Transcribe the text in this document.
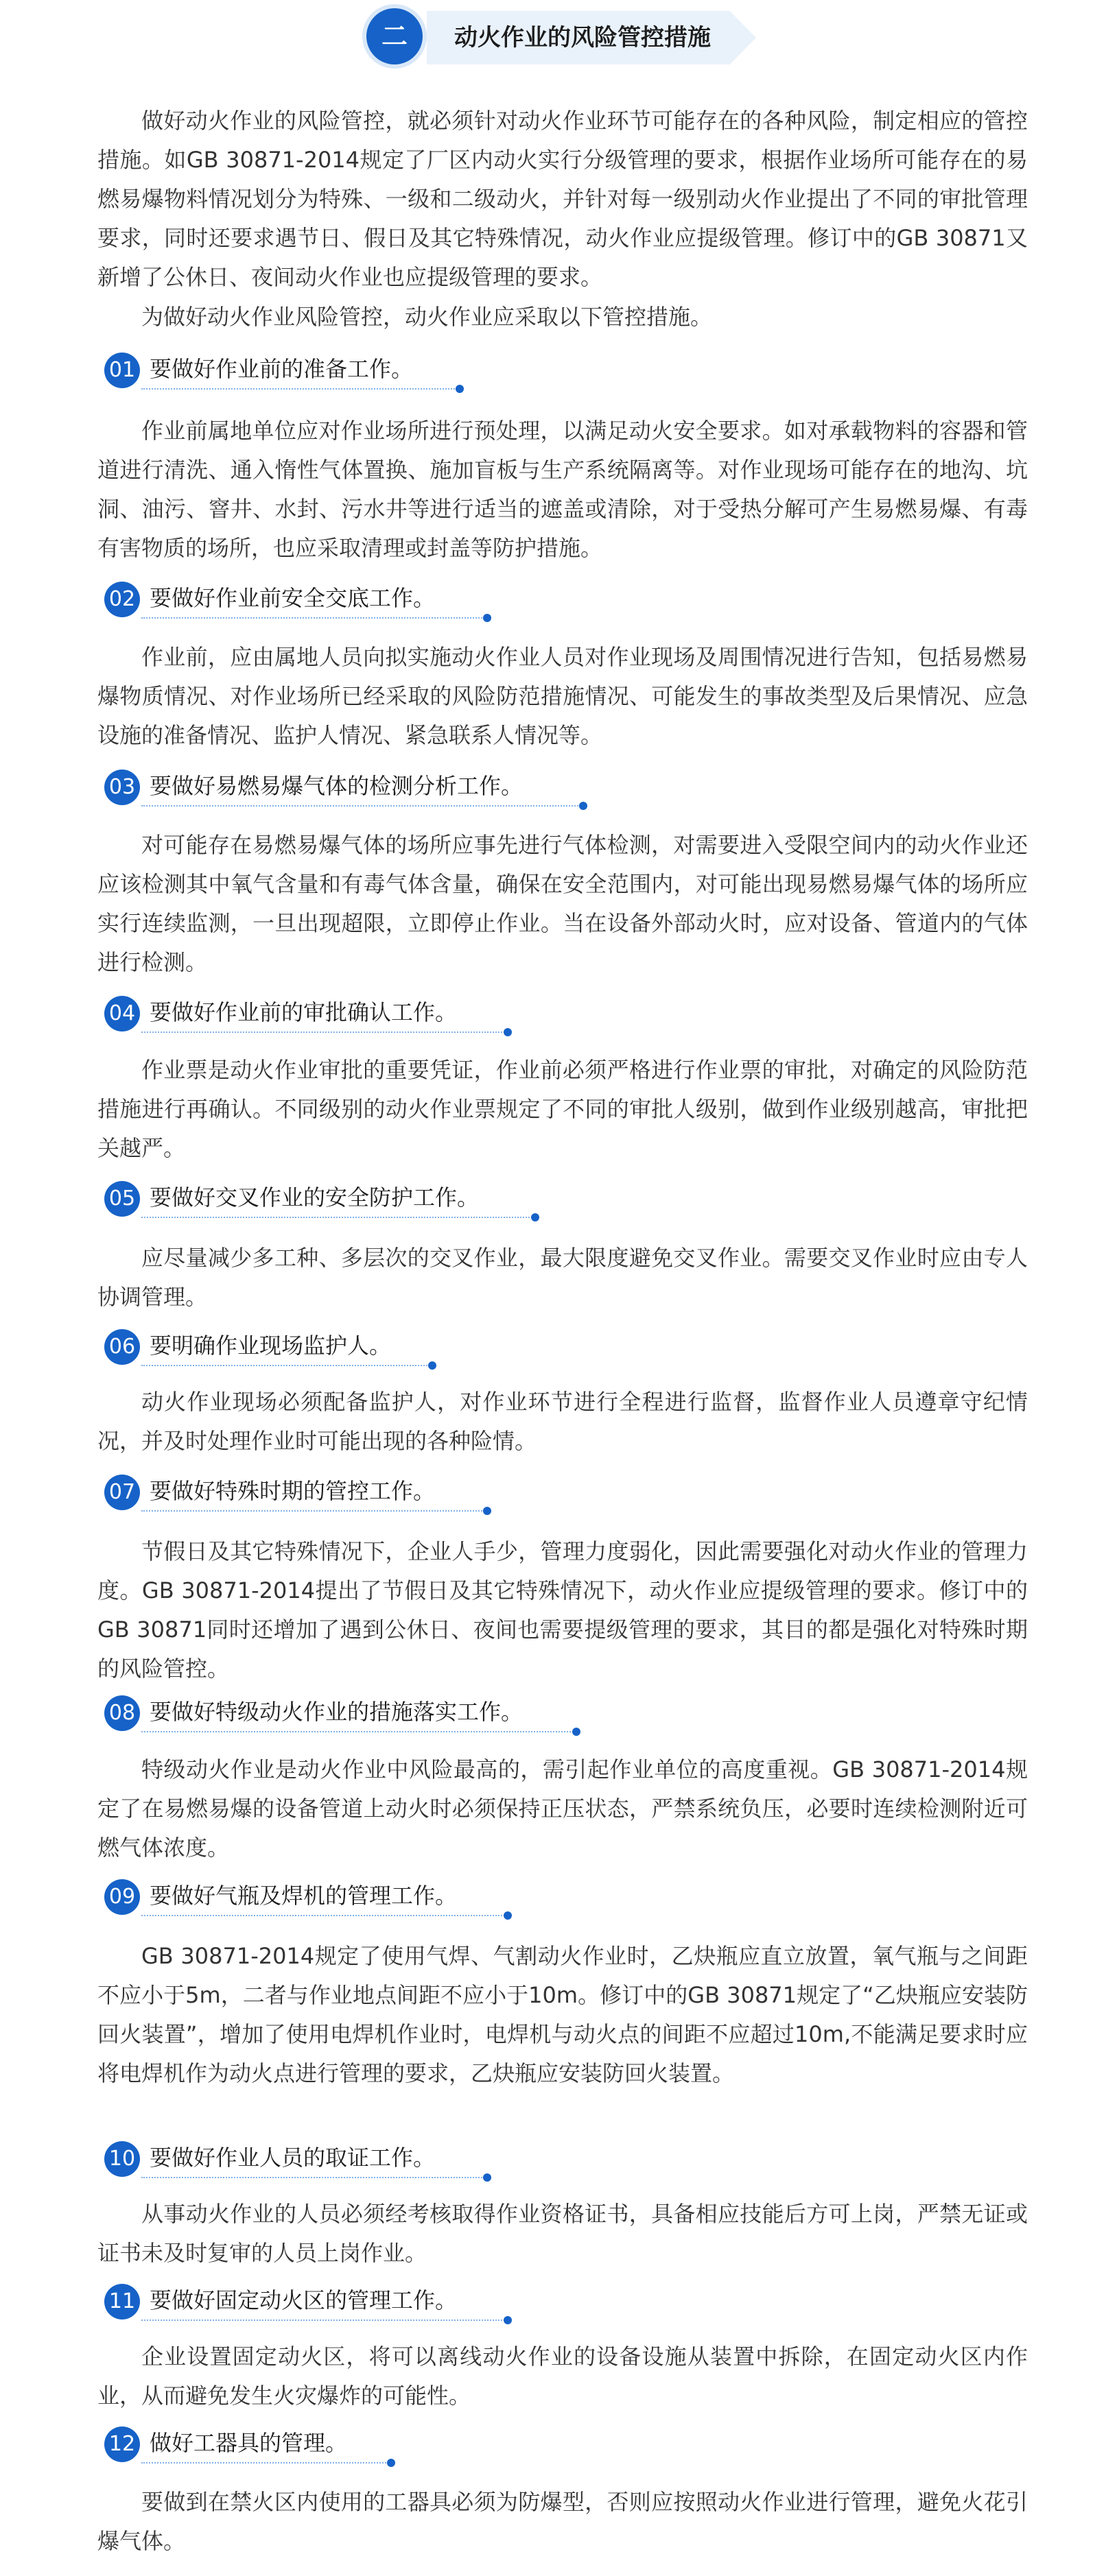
二	动火作业的风险管控措施
做好动火作业的风险管控，就必须针对动火作业环节可能存在的各种风险，制定相应的管控措施。如GB 30871-2014规定了厂区内动火实行分级管理的要求，根据作业场所可能存在的易燃易爆物料情况划分为特殊、一级和二级动火，并针对每一级别动火作业提出了不同的审批管理要求，同时还要求遇节日、假日及其它特殊情况，动火作业应提级管理。修订中的GB 30871又新增了公休日、夜间动火作业也应提级管理的要求。
为做好动火作业风险管控，动火作业应采取以下管控措施。
01 要做好作业前的准备工作。
作业前属地单位应对作业场所进行预处理，以满足动火安全要求。如对承载物料的容器和管道进行清洗、通入惰性气体置换、施加盲板与生产系统隔离等。对作业现场可能存在的地沟、坑洞、油污、窨井、水封、污水井等进行适当的遮盖或清除，对于受热分解可产生易燃易爆、有毒有害物质的场所，也应采取清理或封盖等防护措施。
02 要做好作业前安全交底工作。
作业前，应由属地人员向拟实施动火作业人员对作业现场及周围情况进行告知，包括易燃易爆物质情况、对作业场所已经采取的风险防范措施情况、可能发生的事故类型及后果情况、应急设施的准备情况、监护人情况、紧急联系人情况等。
03 要做好易燃易爆气体的检测分析工作。
对可能存在易燃易爆气体的场所应事先进行气体检测，对需要进入受限空间内的动火作业还应该检测其中氧气含量和有毒气体含量，确保在安全范围内，对可能出现易燃易爆气体的场所应实行连续监测，一旦出现超限，立即停止作业。当在设备外部动火时，应对设备、管道内的气体进行检测。
04 要做好作业前的审批确认工作。
作业票是动火作业审批的重要凭证，作业前必须严格进行作业票的审批，对确定的风险防范措施进行再确认。不同级别的动火作业票规定了不同的审批人级别，做到作业级别越高，审批把关越严。
05 要做好交叉作业的安全防护工作。
应尽量减少多工种、多层次的交叉作业，最大限度避免交叉作业。需要交叉作业时应由专人协调管理。
06 要明确作业现场监护人。
动火作业现场必须配备监护人，对作业环节进行全程进行监督，监督作业人员遵章守纪情况，并及时处理作业时可能出现的各种险情。
07 要做好特殊时期的管控工作。
节假日及其它特殊情况下，企业人手少，管理力度弱化，因此需要强化对动火作业的管理力度。GB 30871-2014提出了节假日及其它特殊情况下，动火作业应提级管理的要求。修订中的GB 30871同时还增加了遇到公休日、夜间也需要提级管理的要求，其目的都是强化对特殊时期的风险管控。
08 要做好特级动火作业的措施落实工作。
特级动火作业是动火作业中风险最高的，需引起作业单位的高度重视。GB 30871-2014规定了在易燃易爆的设备管道上动火时必须保持正压状态，严禁系统负压，必要时连续检测附近可燃气体浓度。
09 要做好气瓶及焊机的管理工作。
GB 30871-2014规定了使用气焊、气割动火作业时，乙炔瓶应直立放置，氧气瓶与之间距不应小于5m，二者与作业地点间距不应小于10m。修订中的GB 30871规定了“乙炔瓶应安装防回火装置”，增加了使用电焊机作业时，电焊机与动火点的间距不应超过10m,不能满足要求时应将电焊机作为动火点进行管理的要求，乙炔瓶应安装防回火装置。
10 要做好作业人员的取证工作。
从事动火作业的人员必须经考核取得作业资格证书，具备相应技能后方可上岗，严禁无证或证书未及时复审的人员上岗作业。
11 要做好固定动火区的管理工作。
企业设置固定动火区，将可以离线动火作业的设备设施从装置中拆除，在固定动火区内作业，从而避免发生火灾爆炸的可能性。
12 做好工器具的管理。
要做到在禁火区内使用的工器具必须为防爆型，否则应按照动火作业进行管理，避免火花引爆气体。
